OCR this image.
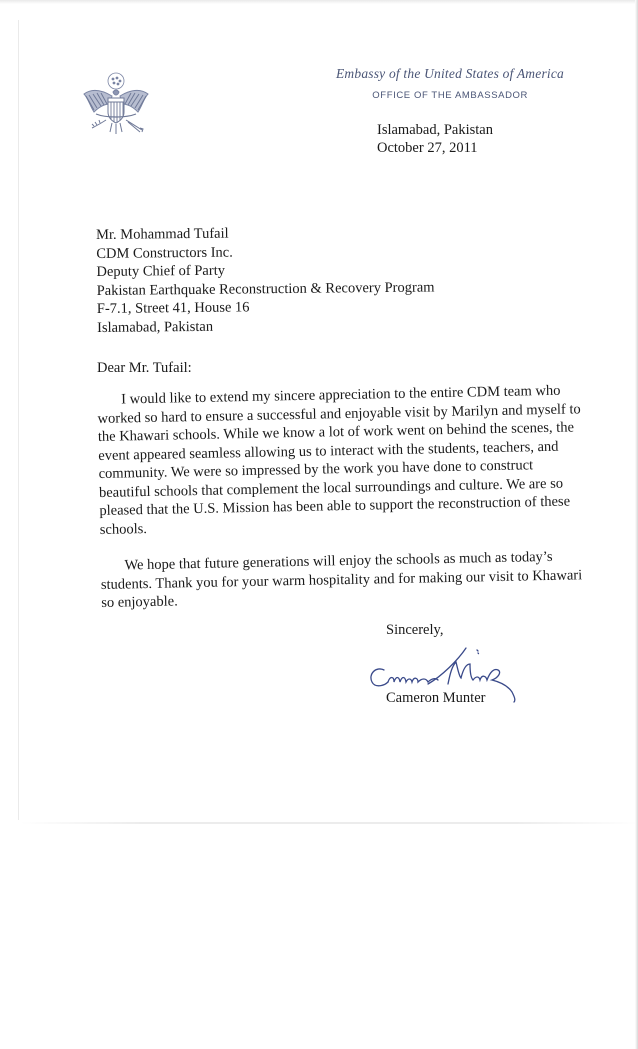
Embassy of the United States of America
OFFICE OF THE AMBASSADOR
Islamabad, Pakistan
October 27, 2011
Mr. Mohammad Tufail
CDM Constructors Inc.
Deputy Chief of Party
Pakistan Earthquake Reconstruction & Recovery Program
F-7.1, Street 41, House 16
Islamabad, Pakistan
Dear Mr. Tufail:

I would like to extend my sincere appreciation to the entire CDM team who worked so hard to ensure a successful and enjoyable visit by Marilyn and myself to the Khawari schools. While we know a lot of work went on behind the scenes, the event appeared seamless allowing us to interact with the students, teachers, and community. We were so impressed by the work you have done to construct beautiful schools that complement the local surroundings and culture. We are so pleased that the U.S. Mission has been able to support the reconstruction of these schools.

We hope that future generations will enjoy the schools as much as today’s students. Thank you for your warm hospitality and for making our visit to Khawari so enjoyable.

Sincerely,
Cameron Munter
